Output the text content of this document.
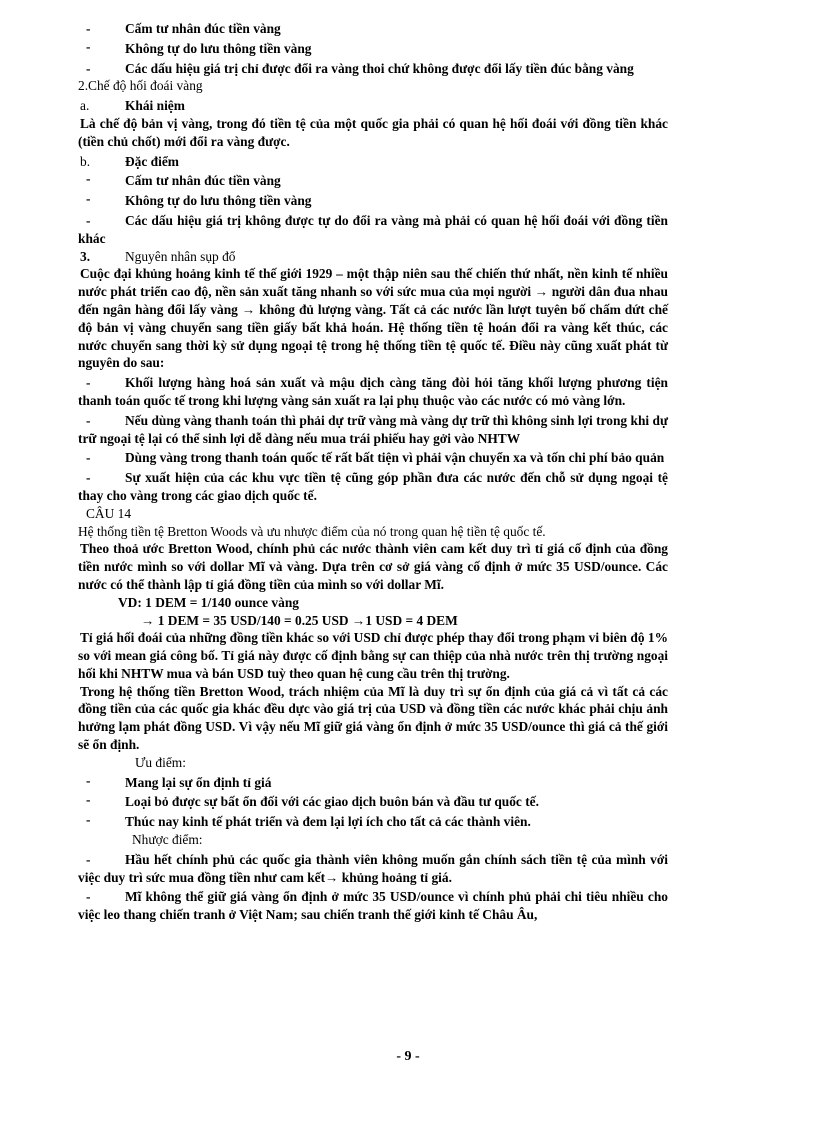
-	Cấm tư nhân đúc tiền vàng
-	Không tự do lưu thông tiền vàng
-	Các dấu hiệu giá trị chỉ được đổi ra vàng thoi chứ không được đổi lấy tiền đúc bằng vàng
2.Chế độ hối đoái vàng
a.	Khái niệm
Là chế độ bản vị vàng, trong đó tiền tệ của một quốc gia phải có quan hệ hối đoái với đồng tiền khác (tiền chủ chốt) mới đổi ra vàng được.
b.	Đặc điểm
-	Cấm tư nhân đúc tiền vàng
-	Không tự do lưu thông tiền vàng
-	Các dấu hiệu giá trị không được tự do đổi ra vàng mà phải có quan hệ hối đoái với đồng tiền khác
3.	Nguyên nhân sụp đổ
Cuộc đại khủng hoảng kinh tế thế giới 1929 – một thập niên sau thế chiến thứ nhất, nền kinh tế nhiều nước phát triển cao độ, nền sản xuất tăng nhanh so với sức mua của mọi người → người dân đua nhau đến ngân hàng đổi lấy vàng → không đủ lượng vàng. Tất cả các nước lần lượt tuyên bố chấm dứt chế độ bản vị vàng chuyển sang tiền giấy bất khả hoán. Hệ thống tiền tệ hoán đổi ra vàng kết thúc, các nước chuyển sang thời kỳ sử dụng ngoại tệ trong hệ thống tiền tệ quốc tế. Điều này cũng xuất phát từ nguyên do sau:
-	Khối lượng hàng hoá sản xuất và mậu dịch càng tăng đòi hỏi tăng khối lượng phương tiện thanh toán quốc tế trong khi lượng vàng sản xuất ra lại phụ thuộc vào các nước có mỏ vàng lớn.
-	Nếu dùng vàng thanh toán thì phải dự trữ vàng mà vàng dự trữ thì không sinh lợi trong khi dự trữ ngoại tệ lại có thể sinh lợi dễ dàng nếu mua trái phiếu hay gởi vào NHTW
-	Dùng vàng trong thanh toán quốc tế rất bất tiện vì phải vận chuyển xa và tốn chi phí bảo quản
-	Sự xuất hiện của các khu vực tiền tệ cũng góp phần đưa các nước đến chỗ sử dụng ngoại tệ thay cho vàng trong các giao dịch quốc tế.
CÂU 14
Hệ thống tiền tệ Bretton Woods và ưu nhược điểm của nó trong quan hệ tiền tệ quốc tế.
Theo thoả ước Bretton Wood, chính phủ các nước thành viên cam kết duy trì tỉ giá cố định của đồng tiền nước mình so với dollar Mĩ và vàng. Dựa trên cơ sở giá vàng cố định ở mức 35 USD/ounce. Các nước có thể thành lập tỉ giá đồng tiền của mình so với dollar Mĩ.
VD: 1 DEM = 1/140 ounce vàng
→ 1 DEM = 35 USD/140 = 0.25 USD →1 USD = 4 DEM
Tỉ giá hối đoái của những đồng tiền khác so với USD chỉ được phép thay đổi trong phạm vi biên độ 1% so với mean giá công bố. Tỉ giá này được cố định bằng sự can thiệp của nhà nước trên thị trường ngoại hối khi NHTW mua và bán USD tuỳ theo quan hệ cung cầu trên thị trường.
Trong hệ thống tiền Bretton Wood, trách nhiệm của Mĩ là duy trì sự ổn định của giá cả vì tất cả các đồng tiền của các quốc gia khác đều dực vào giá trị của USD và đồng tiền các nước khác phải chịu ảnh hưởng lạm phát đồng USD. Vì vậy nếu Mĩ giữ giá vàng ổn định ở mức 35 USD/ounce thì giá cả thế giới sẽ ổn định.
Ưu điểm:
-	Mang lại sự ổn định tỉ giá
-	Loại bỏ được sự bất ổn đối với các giao dịch buôn bán và đầu tư quốc tế.
-	Thúc nay kinh tế phát triển và đem lại lợi ích cho tất cả các thành viên.
Nhược điểm:
-	Hầu hết chính phủ các quốc gia thành viên không muốn gắn chính sách tiền tệ của mình với việc duy trì sức mua đồng tiền như cam kết→ khủng hoảng tỉ giá.
-	Mĩ không thể giữ giá vàng ổn định ở mức 35 USD/ounce vì chính phủ phải chi tiêu nhiều cho việc leo thang chiến tranh ở Việt Nam; sau chiến tranh thế giới kinh tế Châu Âu,
- 9 -
